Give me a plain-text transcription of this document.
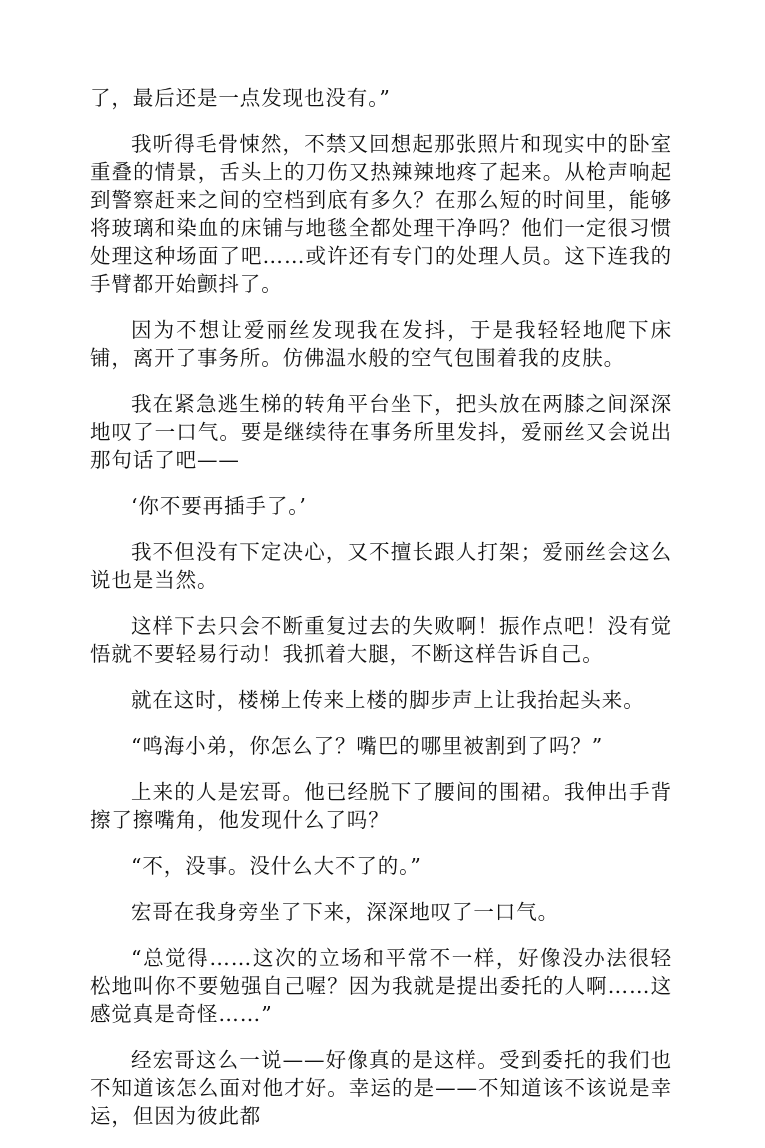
了，最后还是一点发现也没有。”

我听得毛骨悚然，不禁又回想起那张照片和现实中的卧室重叠的情景，舌头上的刀伤又热辣辣地疼了起来。从枪声响起到警察赶来之间的空档到底有多久？在那么短的时间里，能够将玻璃和染血的床铺与地毯全都处理干净吗？他们一定很习惯处理这种场面了吧……或许还有专门的处理人员。这下连我的手臂都开始颤抖了。

因为不想让爱丽丝发现我在发抖，于是我轻轻地爬下床铺，离开了事务所。仿佛温水般的空气包围着我的皮肤。

我在紧急逃生梯的转角平台坐下，把头放在两膝之间深深地叹了一口气。要是继续待在事务所里发抖，爱丽丝又会说出那句话了吧——

‘你不要再插手了。’

我不但没有下定决心，又不擅长跟人打架；爱丽丝会这么说也是当然。

这样下去只会不断重复过去的失败啊！振作点吧！没有觉悟就不要轻易行动！我抓着大腿，不断这样告诉自己。

就在这时，楼梯上传来上楼的脚步声上让我抬起头来。

“鸣海小弟，你怎么了？嘴巴的哪里被割到了吗？”

上来的人是宏哥。他已经脱下了腰间的围裙。我伸出手背擦了擦嘴角，他发现什么了吗？

“不，没事。没什么大不了的。”

宏哥在我身旁坐了下来，深深地叹了一口气。

“总觉得……这次的立场和平常不一样，好像没办法很轻松地叫你不要勉强自己喔？因为我就是提出委托的人啊……这感觉真是奇怪……”

经宏哥这么一说——好像真的是这样。受到委托的我们也不知道该怎么面对他才好。幸运的是——不知道该不该说是幸运，但因为彼此都
